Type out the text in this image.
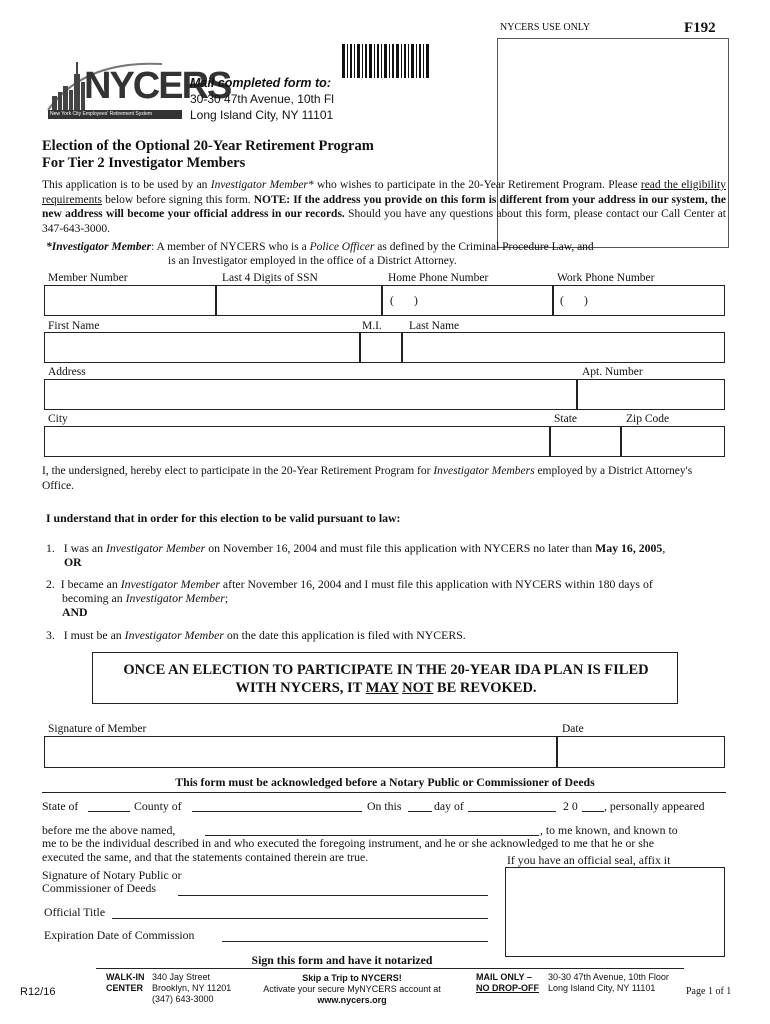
NYCERS USE ONLY	F192
NYCERS
New York City Employees' Retirement System
Mail completed form to:
30-30 47th Avenue, 10th Fl
Long Island City, NY 11101
Election of the Optional 20-Year Retirement Program
For Tier 2 Investigator Members
This application is to be used by an Investigator Member* who wishes to participate in the 20-Year Retirement Program. Please read the eligibility requirements below before signing this form. NOTE: If the address you provide on this form is different from your address in our system, the new address will become your official address in our records. Should you have any questions about this form, please contact our Call Center at 347-643-3000.
*Investigator Member: A member of NYCERS who is a Police Officer as defined by the Criminal Procedure Law, and
is an Investigator employed in the office of a District Attorney.
Member Number	Last 4 Digits of SSN	Home Phone Number	Work Phone Number
( )	( )
First Name	M.I. Last Name
Address	Apt. Number
City	State	Zip Code
I, the undersigned, hereby elect to participate in the 20-Year Retirement Program for Investigator Members employed by a District Attorney's Office.
I understand that in order for this election to be valid pursuant to law:
1. I was an Investigator Member on November 16, 2004 and must file this application with NYCERS no later than May 16, 2005,
OR
2. I became an Investigator Member after November 16, 2004 and I must file this application with NYCERS within 180 days of
becoming an Investigator Member;
AND
3. I must be an Investigator Member on the date this application is filed with NYCERS.
ONCE AN ELECTION TO PARTICIPATE IN THE 20-YEAR IDA PLAN IS FILED
WITH NYCERS, IT MAY NOT BE REVOKED.
Signature of Member	Date
This form must be acknowledged before a Notary Public or Commissioner of Deeds
State of	County of	On this	day of	2 0 , personally appeared
before me the above named,	, to me known, and known to
me to be the individual described in and who executed the foregoing instrument, and he or she acknowledged to me that he or she
executed the same, and that the statements contained therein are true.	If you have an official seal, affix it
Signature of Notary Public or
Commissioner of Deeds
Official Title
Expiration Date of Commission
Sign this form and have it notarized
R12/16
WALK-IN
CENTER
340 Jay Street
Brooklyn, NY 11201
(347) 643-3000
Skip a Trip to NYCERS!
Activate your secure MyNYCERS account at
www.nycers.org
MAIL ONLY –
NO DROP-OFF
30-30 47th Avenue, 10th Floor
Long Island City, NY 11101	Page 1 of 1
